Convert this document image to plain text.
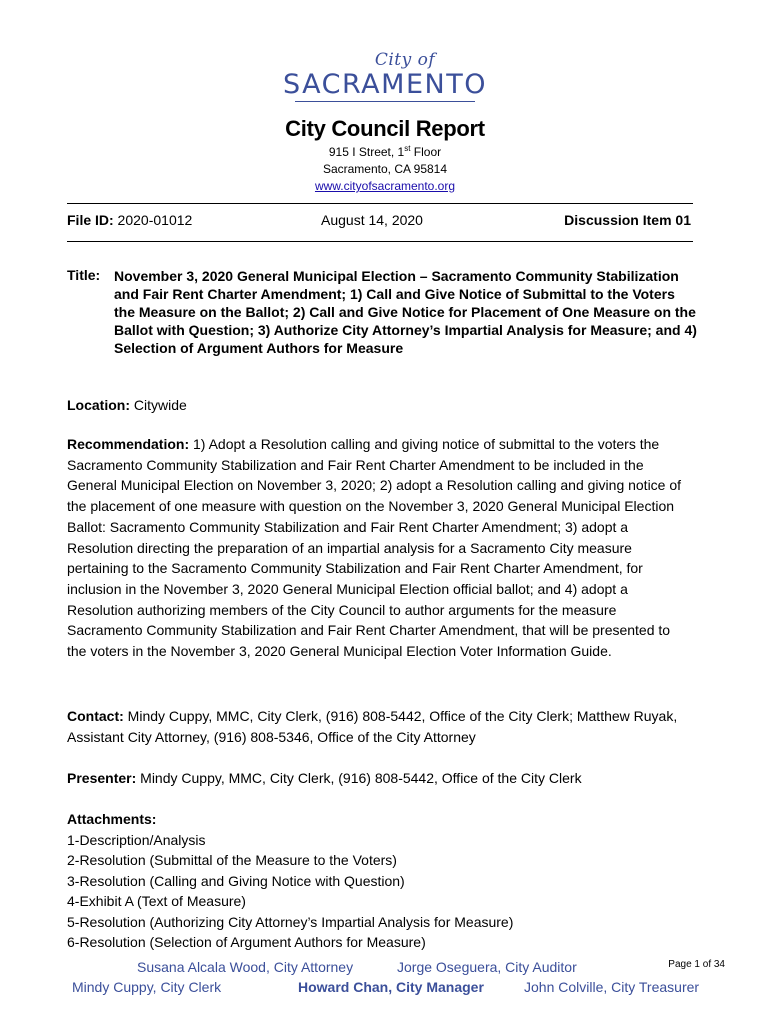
City of
SACRAMENTO
City Council Report
915 I Street, 1st Floor
Sacramento, CA 95814
www.cityofsacramento.org
File ID: 2020-01012	August 14, 2020	Discussion Item 01
Title: November 3, 2020 General Municipal Election – Sacramento Community Stabilization and Fair Rent Charter Amendment; 1) Call and Give Notice of Submittal to the Voters the Measure on the Ballot; 2) Call and Give Notice for Placement of One Measure on the Ballot with Question; 3) Authorize City Attorney’s Impartial Analysis for Measure; and 4) Selection of Argument Authors for Measure
Location: Citywide
Recommendation: 1) Adopt a Resolution calling and giving notice of submittal to the voters the Sacramento Community Stabilization and Fair Rent Charter Amendment to be included in the General Municipal Election on November 3, 2020; 2) adopt a Resolution calling and giving notice of the placement of one measure with question on the November 3, 2020 General Municipal Election Ballot: Sacramento Community Stabilization and Fair Rent Charter Amendment; 3) adopt a Resolution directing the preparation of an impartial analysis for a Sacramento City measure pertaining to the Sacramento Community Stabilization and Fair Rent Charter Amendment, for inclusion in the November 3, 2020 General Municipal Election official ballot; and 4) adopt a Resolution authorizing members of the City Council to author arguments for the measure Sacramento Community Stabilization and Fair Rent Charter Amendment, that will be presented to the voters in the November 3, 2020 General Municipal Election Voter Information Guide.
Contact: Mindy Cuppy, MMC, City Clerk, (916) 808-5442, Office of the City Clerk; Matthew Ruyak, Assistant City Attorney, (916) 808-5346, Office of the City Attorney
Presenter: Mindy Cuppy, MMC, City Clerk, (916) 808-5442, Office of the City Clerk
Attachments:
1-Description/Analysis
2-Resolution (Submittal of the Measure to the Voters)
3-Resolution (Calling and Giving Notice with Question)
4-Exhibit A (Text of Measure)
5-Resolution (Authorizing City Attorney’s Impartial Analysis for Measure)
6-Resolution (Selection of Argument Authors for Measure)
Susana Alcala Wood, City Attorney	Jorge Oseguera, City Auditor	Page 1 of 34
Mindy Cuppy, City Clerk	Howard Chan, City Manager	John Colville, City Treasurer
